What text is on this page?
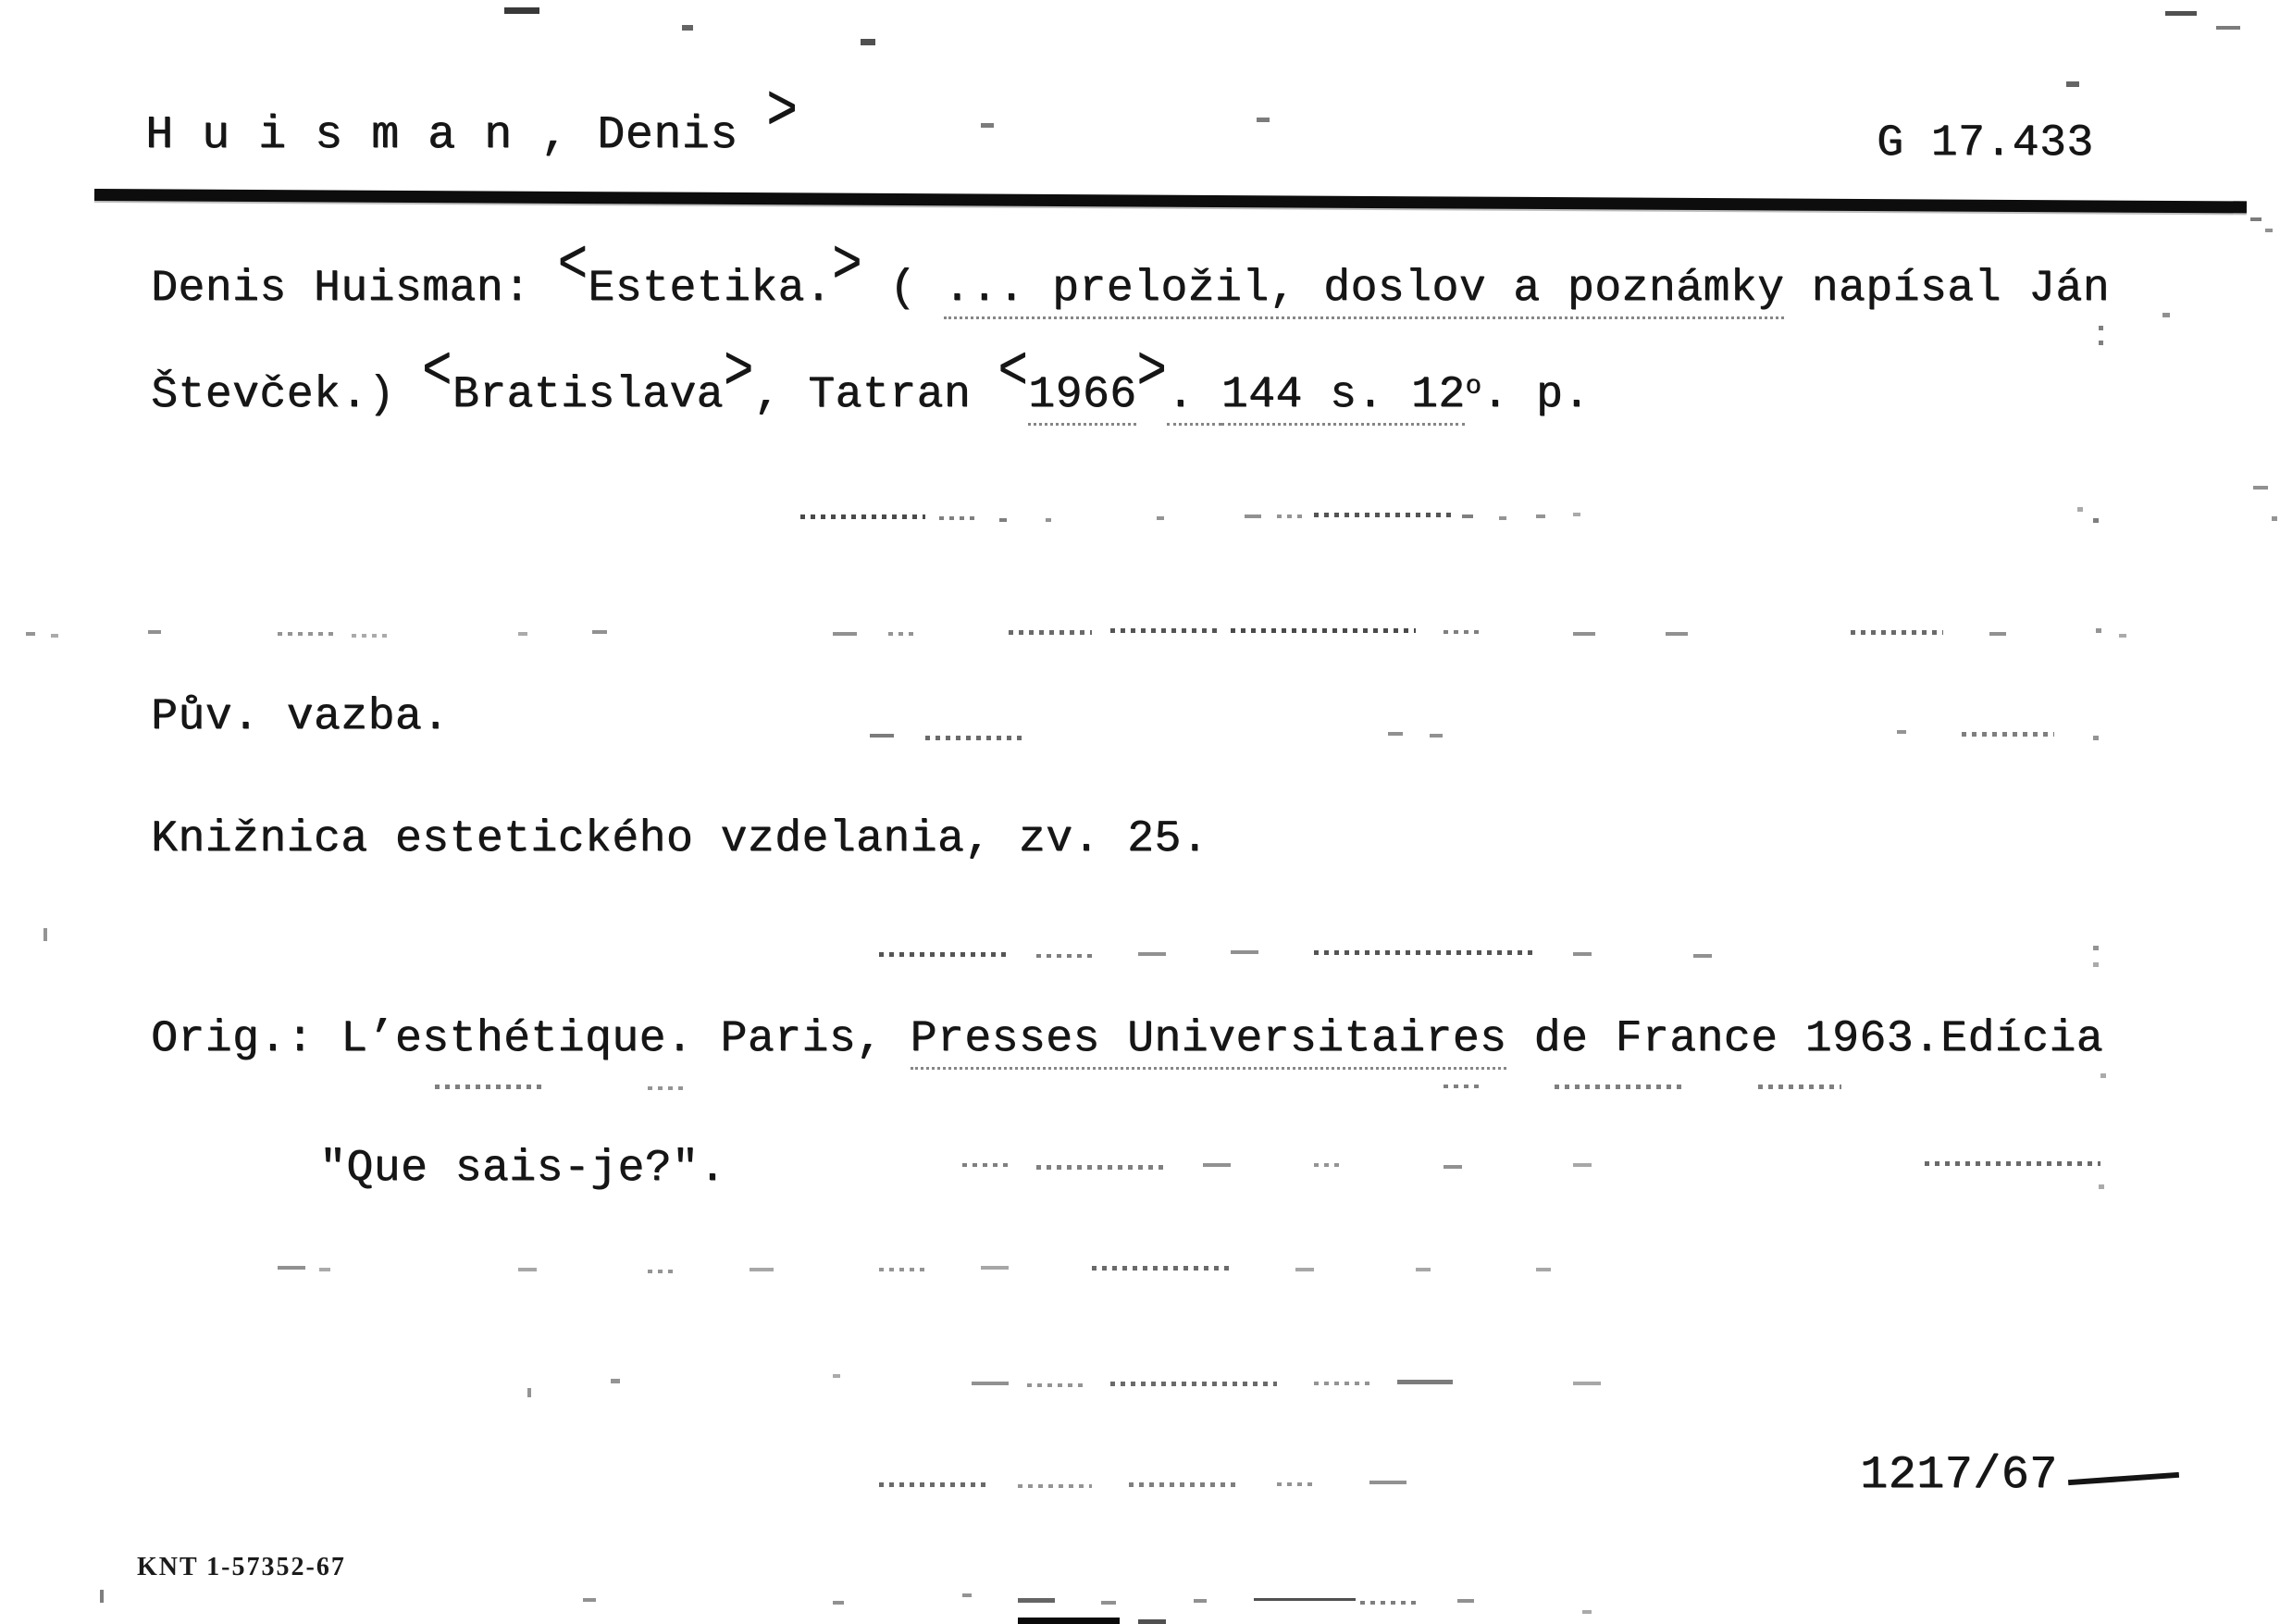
H u i s m a n , Denis >	G 17.433
Denis Huisman: <Estetika.> ( ... preložil, doslov a poznámky napísal Ján
Števček.) <Bratislava>, Tatran <1966>. 144 s. 12o. p.
Pův. vazba.
Knižnica estetického vzdelania, zv. 25.
Orig.: L’esthétique. Paris, Presses Universitaires de France 1963.Edícia
"Que sais-je?".
1217/67
KNT 1-57352-67
